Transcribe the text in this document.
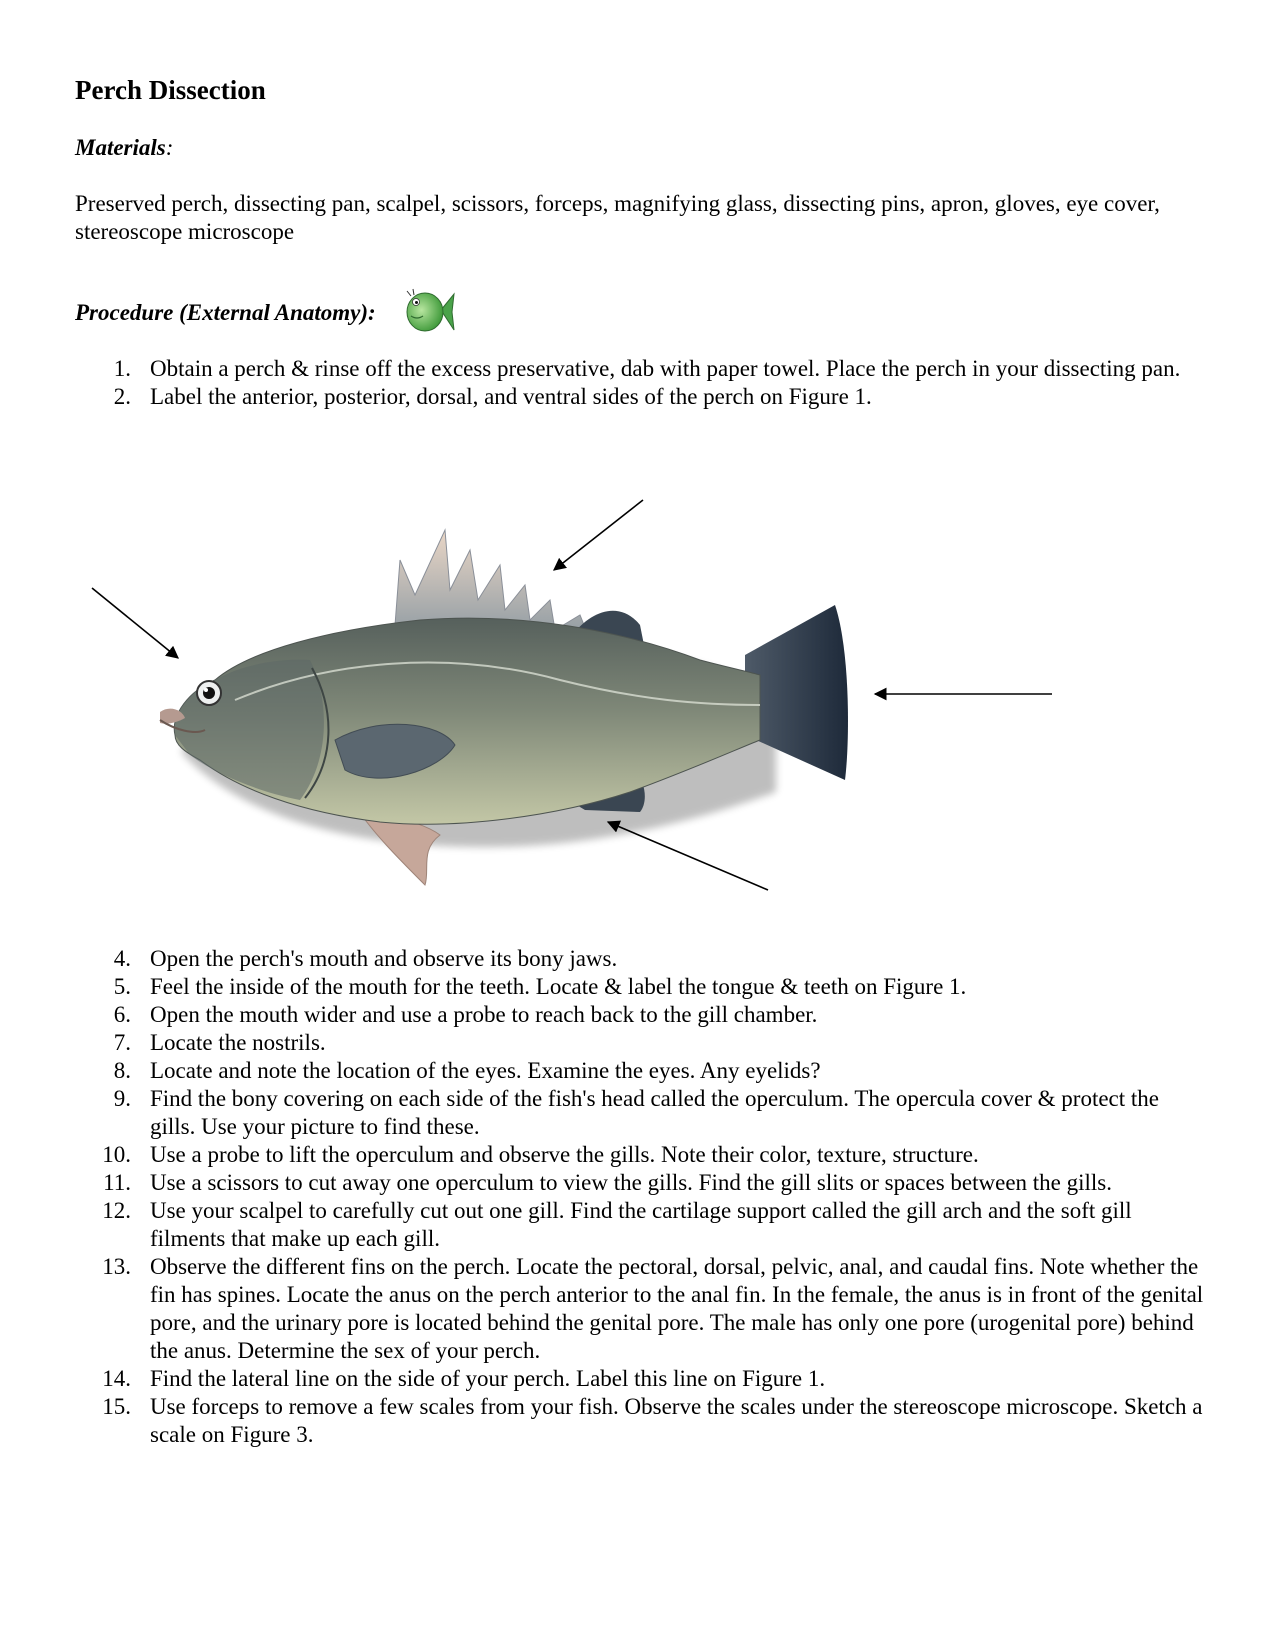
Perch Dissection

Materials:

Preserved perch, dissecting pan, scalpel, scissors, forceps, magnifying glass, dissecting pins, apron, gloves, eye cover, stereoscope microscope

Procedure (External Anatomy):

1. Obtain a perch & rinse off the excess preservative, dab with paper towel. Place the perch in your dissecting pan.
2. Label the anterior, posterior, dorsal, and ventral sides of the perch on Figure 1.
4. Open the perch's mouth and observe its bony jaws.
5. Feel the inside of the mouth for the teeth. Locate & label the tongue & teeth on Figure 1.
6. Open the mouth wider and use a probe to reach back to the gill chamber.
7. Locate the nostrils.
8. Locate and note the location of the eyes. Examine the eyes. Any eyelids?
9. Find the bony covering on each side of the fish's head called the operculum. The opercula cover & protect the gills. Use your picture to find these.
10. Use a probe to lift the operculum and observe the gills. Note their color, texture, structure.
11. Use a scissors to cut away one operculum to view the gills. Find the gill slits or spaces between the gills.
12. Use your scalpel to carefully cut out one gill. Find the cartilage support called the gill arch and the soft gill filments that make up each gill.
13. Observe the different fins on the perch. Locate the pectoral, dorsal, pelvic, anal, and caudal fins. Note whether the fin has spines. Locate the anus on the perch anterior to the anal fin. In the female, the anus is in front of the genital pore, and the urinary pore is located behind the genital pore. The male has only one pore (urogenital pore) behind the anus. Determine the sex of your perch.
14. Find the lateral line on the side of your perch. Label this line on Figure 1.
15. Use forceps to remove a few scales from your fish. Observe the scales under the stereoscope microscope. Sketch a scale on Figure 3.
